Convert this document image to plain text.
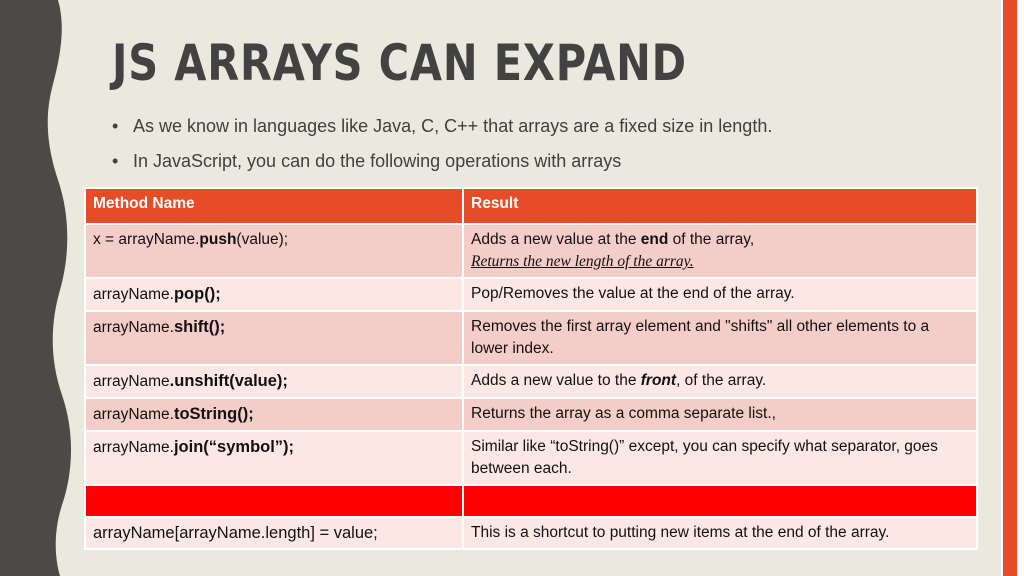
JS ARRAYS CAN EXPAND
• As we know in languages like Java, C, C++ that arrays are a fixed size in length.
• In JavaScript, you can do the following operations with arrays
Method Name	Result
x = arrayName.push(value);	Adds a new value at the end of the array,
Returns the new length of the array.
arrayName.pop();	Pop/Removes the value at the end of the array.
arrayName.shift();	Removes the first array element and "shifts" all other elements to a lower index.
arrayName.unshift(value);	Adds a new value to the front, of the array.
arrayName.toString();	Returns the array as a comma separate list.,
arrayName.join(“symbol”);	Similar like “toString()” except, you can specify what separator, goes between each.

arrayName[arrayName.length] = value;	This is a shortcut to putting new items at the end of the array.
